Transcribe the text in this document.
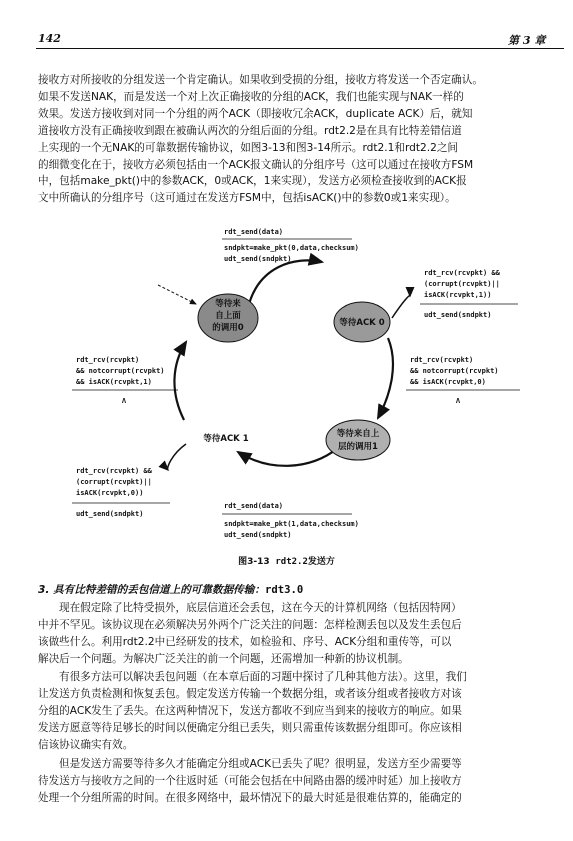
142	第 3 章

接收方对所接收的分组发送一个肯定确认。如果收到受损的分组，接收方将发送一个否定确认。

如果不发送NAK，而是发送一个对上次正确接收的分组的ACK，我们也能实现与NAK一样的

效果。发送方接收到对同一个分组的两个ACK（即接收冗余ACK，duplicate ACK）后，就知

道接收方没有正确接收到跟在被确认两次的分组后面的分组。rdt2.2是在具有比特差错信道

上实现的一个无NAK的可靠数据传输协议，如图3-13和图3-14所示。rdt2.1和rdt2.2之间

的细微变化在于，接收方必须包括由一个ACK报文确认的分组序号（这可以通过在接收方FSM

中，包括make_pkt()中的参数ACK，0或ACK，1来实现），发送方必须检查接收到的ACK报

文中所确认的分组序号（这可通过在发送方FSM中，包括isACK()中的参数0或1来实现）。

等待来
自上面
的调用0	等待ACK 0
等待ACK 1	等待来自上
层的调用1
rdt_send(data)
sndpkt=make_pkt(0,data,checksum)
udt_send(sndpkt)
rdt_rcv(rcvpkt) &&
(corrupt(rcvpkt)||
isACK(rcvpkt,1))
udt_send(sndpkt)
rdt_rcv(rcvpkt)
&& notcorrupt(rcvpkt)
&& isACK(rcvpkt,0)
Λ
rdt_rcv(rcvpkt)
&& notcorrupt(rcvpkt)
&& isACK(rcvpkt,1)
Λ
rdt_rcv(rcvpkt) &&
(corrupt(rcvpkt)||
isACK(rcvpkt,0))
udt_send(sndpkt)
rdt_send(data)
sndpkt=make_pkt(1,data,checksum)
udt_send(sndpkt)
图3-13 rdt2.2发送方
3. 具有比特差错的丢包信道上的可靠数据传输：rdt3.0

现在假定除了比特受损外，底层信道还会丢包，这在今天的计算机网络（包括因特网）

中并不罕见。该协议现在必须解决另外两个广泛关注的问题：怎样检测丢包以及发生丢包后

该做些什么。利用rdt2.2中已经研发的技术，如检验和、序号、ACK分组和重传等，可以

解决后一个问题。为解决广泛关注的前一个问题，还需增加一种新的协议机制。

有很多方法可以解决丢包问题（在本章后面的习题中探讨了几种其他方法）。这里，我们

让发送方负责检测和恢复丢包。假定发送方传输一个数据分组，或者该分组或者接收方对该

分组的ACK发生了丢失。在这两种情况下，发送方都收不到应当到来的接收方的响应。如果

发送方愿意等待足够长的时间以便确定分组已丢失，则只需重传该数据分组即可。你应该相

信该协议确实有效。

但是发送方需要等待多久才能确定分组或ACK已丢失了呢？很明显，发送方至少需要等

待发送方与接收方之间的一个往返时延（可能会包括在中间路由器的缓冲时延）加上接收方

处理一个分组所需的时间。在很多网络中，最坏情况下的最大时延是很难估算的，能确定的
